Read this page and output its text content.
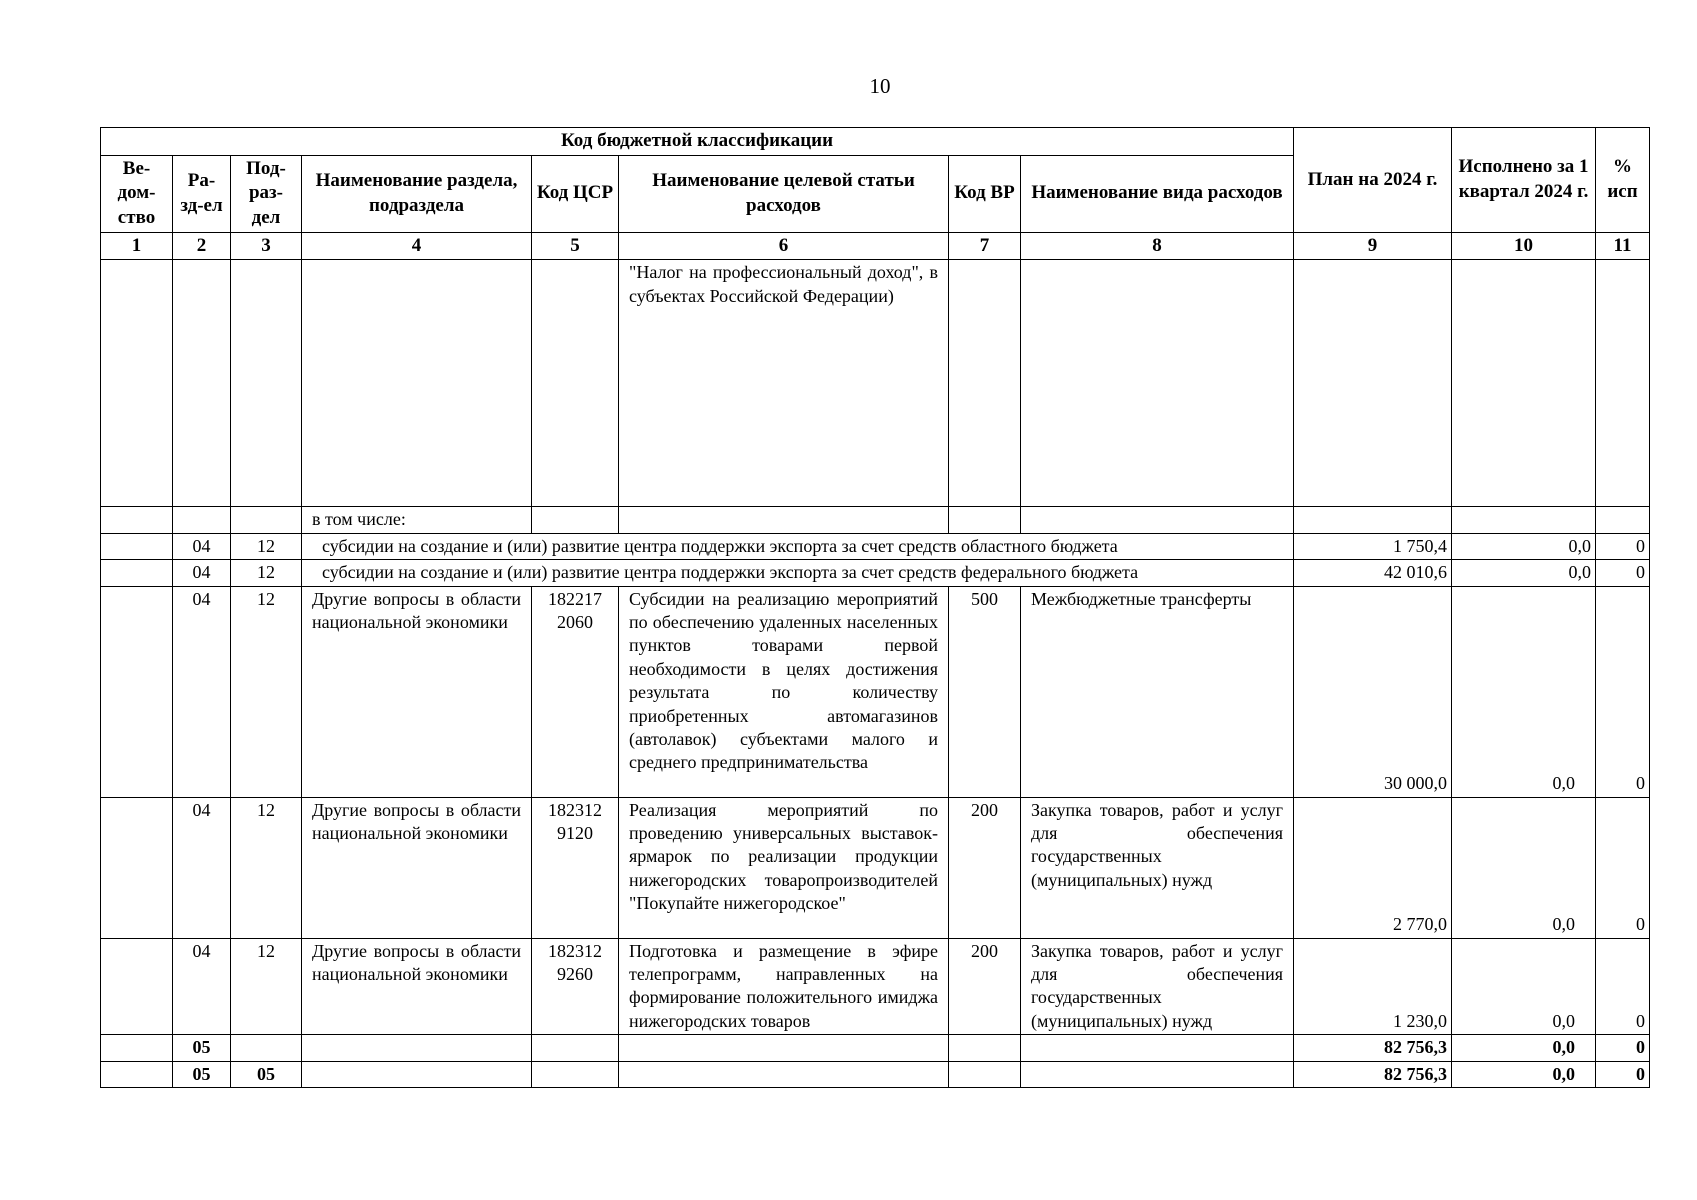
10
Код бюджетной классификации								План на 2024 г.	Исполнено за 1 квартал 2024 г.	% исп
Ве-дом-ство	Ра-зд-ел	Под-раз-дел	Наименование раздела, подраздела	Код ЦСР	Наименование целевой статьи расходов	Код ВР	Наименование вида расходов			
1	2	3	4	5	6	7	8	9	10	11
					"Налог на профессиональный доход", в субъектах Российской Федерации)					
			в том числе:							
	04	12	субсидии на создание и (или) развитие центра поддержки экспорта за счет средств областного бюджета					1 750,4	0,0	0
	04	12	субсидии на создание и (или) развитие центра поддержки экспорта за счет средств федерального бюджета					42 010,6	0,0	0
	04	12	Другие вопросы в области национальной экономики	182217 2060	Субсидии на реализацию мероприятий по обеспечению удаленных населенных пунктов товарами первой необходимости в целях достижения результата по количеству приобретенных автомагазинов (автолавок) субъектами малого и среднего предпринимательства	500	Межбюджетные трансферты	30 000,0	0,0	0
	04	12	Другие вопросы в области национальной экономики	182312 9120	Реализация мероприятий по проведению универсальных выставок-ярмарок по реализации продукции нижегородских товаропроизводителей "Покупайте нижегородское"	200	Закупка товаров, работ и услуг для обеспечения государственных (муниципальных) нужд	2 770,0	0,0	0
	04	12	Другие вопросы в области национальной экономики	182312 9260	Подготовка и размещение в эфире телепрограмм, направленных на формирование положительного имиджа нижегородских товаров	200	Закупка товаров, работ и услуг для обеспечения государственных (муниципальных) нужд	1 230,0	0,0	0
	05							82 756,3	0,0	0
	05	05						82 756,3	0,0	0
